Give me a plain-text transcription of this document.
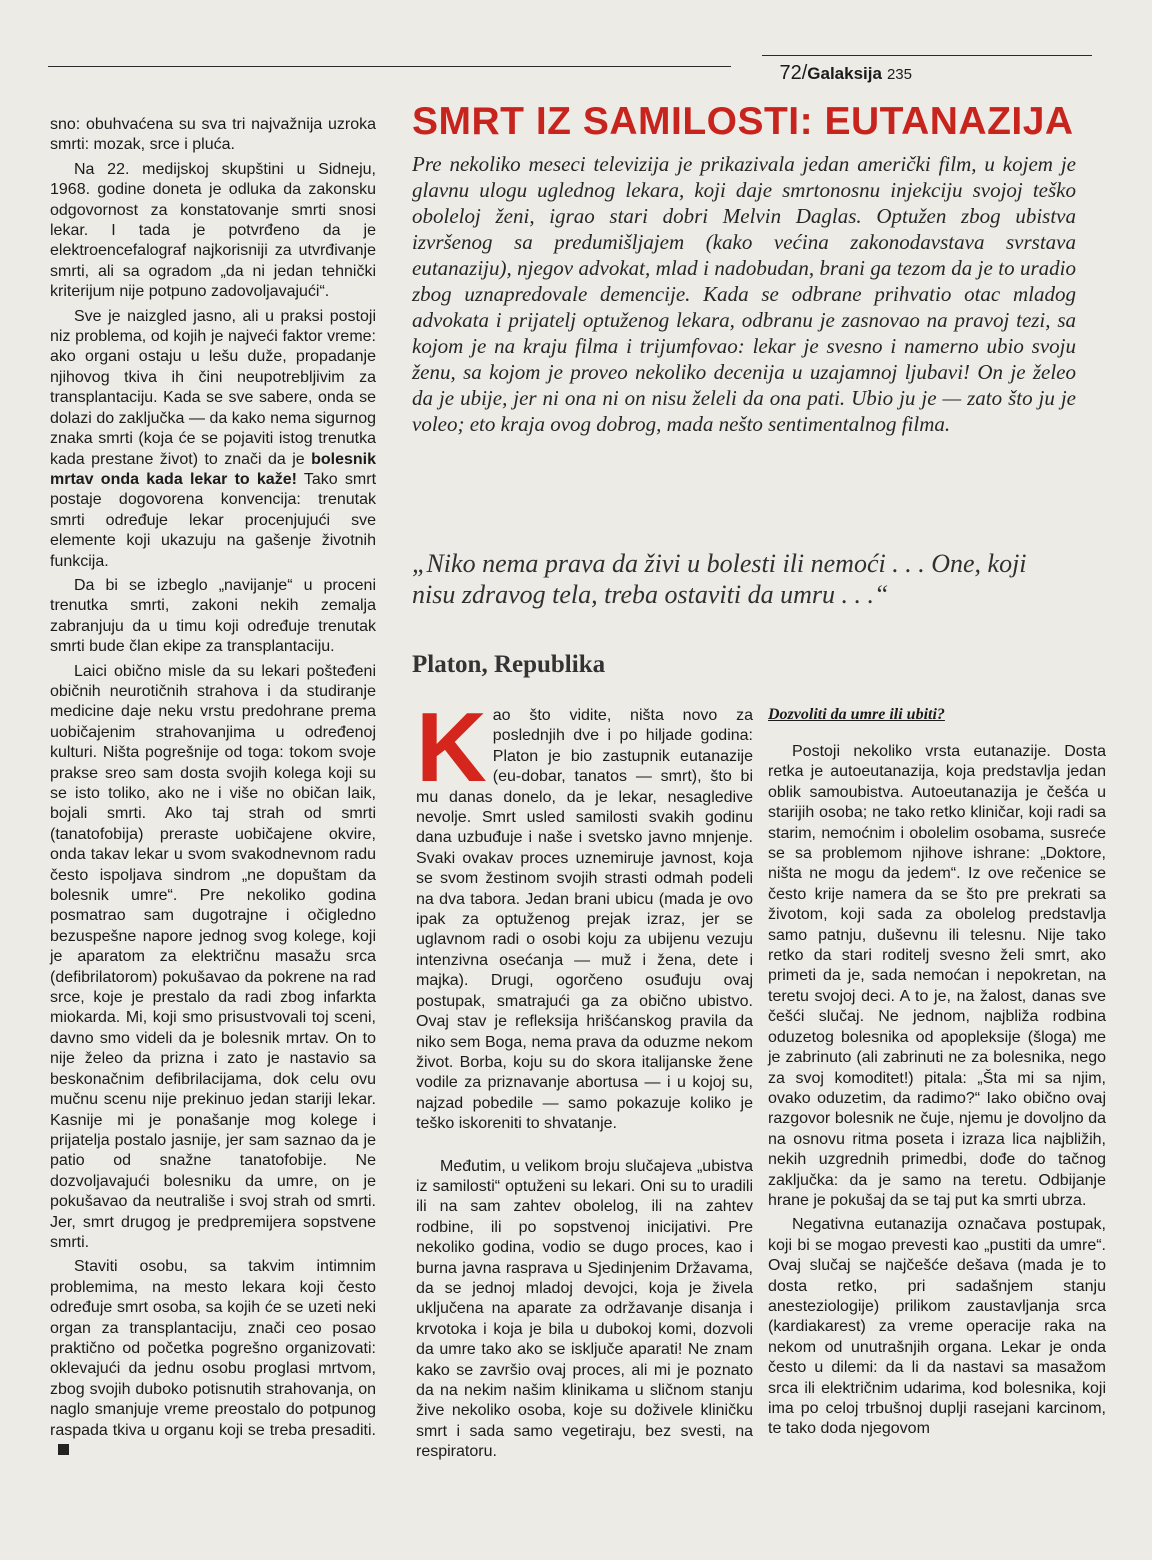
72/Galaksija 235

sno: obuhvaćena su sva tri najvažnija uzroka smrti: mozak, srce i pluća.

Na 22. medijskoj skupštini u Sidneju, 1968. godine doneta je odluka da zakonsku odgovornost za konstatovanje smrti snosi lekar. I tada je potvrđeno da je elektroencefalograf najkorisniji za utvrđivanje smrti, ali sa ogradom „da ni jedan tehnički kriterijum nije potpuno zadovoljavajući“.

Sve je naizgled jasno, ali u praksi postoji niz problema, od kojih je najveći faktor vreme: ako organi ostaju u lešu duže, propadanje njihovog tkiva ih čini neupotrebljivim za transplantaciju. Kada se sve sabere, onda se dolazi do zaključka — da kako nema sigurnog znaka smrti (koja će se pojaviti istog trenutka kada prestane život) to znači da je bolesnik mrtav onda kada lekar to kaže! Tako smrt postaje dogovorena konvencija: trenutak smrti određuje lekar procenjujući sve elemente koji ukazuju na gašenje životnih funkcija.

Da bi se izbeglo „navijanje“ u proceni trenutka smrti, zakoni nekih zemalja zabranjuju da u timu koji određuje trenutak smrti bude član ekipe za transplantaciju.

Laici obično misle da su lekari pošteđeni običnih neurotičnih strahova i da studiranje medicine daje neku vrstu predohrane prema uobičajenim strahovanjima u određenoj kulturi. Ništa pogrešnije od toga: tokom svoje prakse sreo sam dosta svojih kolega koji su se isto toliko, ako ne i više no običan laik, bojali smrti. Ako taj strah od smrti (tanatofobija) preraste uobičajene okvire, onda takav lekar u svom svakodnevnom radu često ispoljava sindrom „ne dopuštam da bolesnik umre“. Pre nekoliko godina posmatrao sam dugotrajne i očigledno bezuspešne napore jednog svog kolege, koji je aparatom za električnu masažu srca (defibrilatorom) pokušavao da pokrene na rad srce, koje je prestalo da radi zbog infarkta miokarda. Mi, koji smo prisustvovali toj sceni, davno smo videli da je bolesnik mrtav. On to nije želeo da prizna i zato je nastavio sa beskonačnim defibrilacijama, dok celu ovu mučnu scenu nije prekinuo jedan stariji lekar. Kasnije mi je ponašanje mog kolege i prijatelja postalo jasnije, jer sam saznao da je patio od snažne tanatofobije. Ne dozvoljavajući bolesniku da umre, on je pokušavao da neutrališe i svoj strah od smrti. Jer, smrt drugog je predpremijera sopstvene smrti.

Staviti osobu, sa takvim intimnim problemima, na mesto lekara koji često određuje smrt osoba, sa kojih će se uzeti neki organ za transplantaciju, znači ceo posao praktično od početka pogrešno organizovati: oklevajući da jednu osobu proglasi mrtvom, zbog svojih duboko potisnutih strahovanja, on naglo smanjuje vreme preostalo do potpunog raspada tkiva u organu koji se treba presaditi.

SMRT IZ SAMILOSTI: EUTANAZIJA
Pre nekoliko meseci televizija je prikazivala jedan američki film, u kojem je glavnu ulogu uglednog lekara, koji daje smrtonosnu injekciju svojoj teško oboleloj ženi, igrao stari dobri Melvin Daglas. Optužen zbog ubistva izvršenog sa predumišljajem (kako većina zakonodavstava svrstava eutanaziju), njegov advokat, mlad i nadobudan, brani ga tezom da je to uradio zbog uznapredovale demencije. Kada se odbrane prihvatio otac mladog advokata i prijatelj optuženog lekara, odbranu je zasnovao na pravoj tezi, sa kojom je na kraju filma i trijumfovao: lekar je svesno i namerno ubio svoju ženu, sa kojom je proveo nekoliko decenija u uzajamnoj ljubavi! On je želeo da je ubije, jer ni ona ni on nisu želeli da ona pati. Ubio ju je — zato što ju je voleo; eto kraja ovog dobrog, mada nešto sentimentalnog filma.
„Niko nema prava da živi u bolesti ili nemoći . . . One, koji nisu zdravog tela, treba ostaviti da umru . . .“
Platon, Republika

Kao što vidite, ništa novo za poslednjih dve i po hiljade godina: Platon je bio zastupnik eutanazije (eu-dobar, tanatos — smrt), što bi mu danas donelo, da je lekar, nesagledive nevolje. Smrt usled samilosti svakih godinu dana uzbuđuje i naše i svetsko javno mnjenje. Svaki ovakav proces uznemiruje javnost, koja se svom žestinom svojih strasti odmah podeli na dva tabora. Jedan brani ubicu (mada je ovo ipak za optuženog prejak izraz, jer se uglavnom radi o osobi koju za ubijenu vezuju intenzivna osećanja — muž i žena, dete i majka). Drugi, ogorčeno osuđuju ovaj postupak, smatrajući ga za obično ubistvo. Ovaj stav je refleksija hrišćanskog pravila da niko sem Boga, nema prava da oduzme nekom život. Borba, koju su do skora italijanske žene vodile za priznavanje abortusa — i u kojoj su, najzad pobedile — samo pokazuje koliko je teško iskoreniti to shvatanje.

Međutim, u velikom broju slučajeva „ubistva iz samilosti“ optuženi su lekari. Oni su to uradili ili na sam zahtev obolelog, ili na zahtev rodbine, ili po sopstvenoj inicijativi. Pre nekoliko godina, vodio se dugo proces, kao i burna javna rasprava u Sjedinjenim Državama, da se jednoj mladoj devojci, koja je živela uključena na aparate za održavanje disanja i krvotoka i koja je bila u dubokoj komi, dozvoli da umre tako ako se isključe aparati! Ne znam kako se završio ovaj proces, ali mi je poznato da na nekim našim klinikama u sličnom stanju žive nekoliko osoba, koje su doživele kliničku smrt i sada samo vegetiraju, bez svesti, na respiratoru.

Dozvoliti da umre ili ubiti?

Postoji nekoliko vrsta eutanazije. Dosta retka je autoeutanazija, koja predstavlja jedan oblik samoubistva. Autoeutanazija je češća u starijih osoba; ne tako retko kliničar, koji radi sa starim, nemoćnim i obolelim osobama, susreće se sa problemom njihove ishrane: „Doktore, ništa ne mogu da jedem“. Iz ove rečenice se često krije namera da se što pre prekrati sa životom, koji sada za obolelog predstavlja samo patnju, duševnu ili telesnu. Nije tako retko da stari roditelj svesno želi smrt, ako primeti da je, sada nemoćan i nepokretan, na teretu svojoj deci. A to je, na žalost, danas sve češći slučaj. Ne jednom, najbliža rodbina oduzetog bolesnika od apopleksije (šloga) me je zabrinuto (ali zabrinuti ne za bolesnika, nego za svoj komoditet!) pitala: „Šta mi sa njim, ovako oduzetim, da radimo?“ Iako obično ovaj razgovor bolesnik ne čuje, njemu je dovoljno da na osnovu ritma poseta i izraza lica najbližih, nekih uzgrednih primedbi, dođe do tačnog zaključka: da je samo na teretu. Odbijanje hrane je pokušaj da se taj put ka smrti ubrza.

Negativna eutanazija označava postupak, koji bi se mogao prevesti kao „pustiti da umre“. Ovaj slučaj se najčešće dešava (mada je to dosta retko, pri sadašnjem stanju anesteziologije) prilikom zaustavljanja srca (kardiakarest) za vreme operacije raka na nekom od unutrašnjih organa. Lekar je onda često u dilemi: da li da nastavi sa masažom srca ili električnim udarima, kod bolesnika, koji ima po celoj trbušnoj duplji rasejani karcinom, te tako doda njegovom
